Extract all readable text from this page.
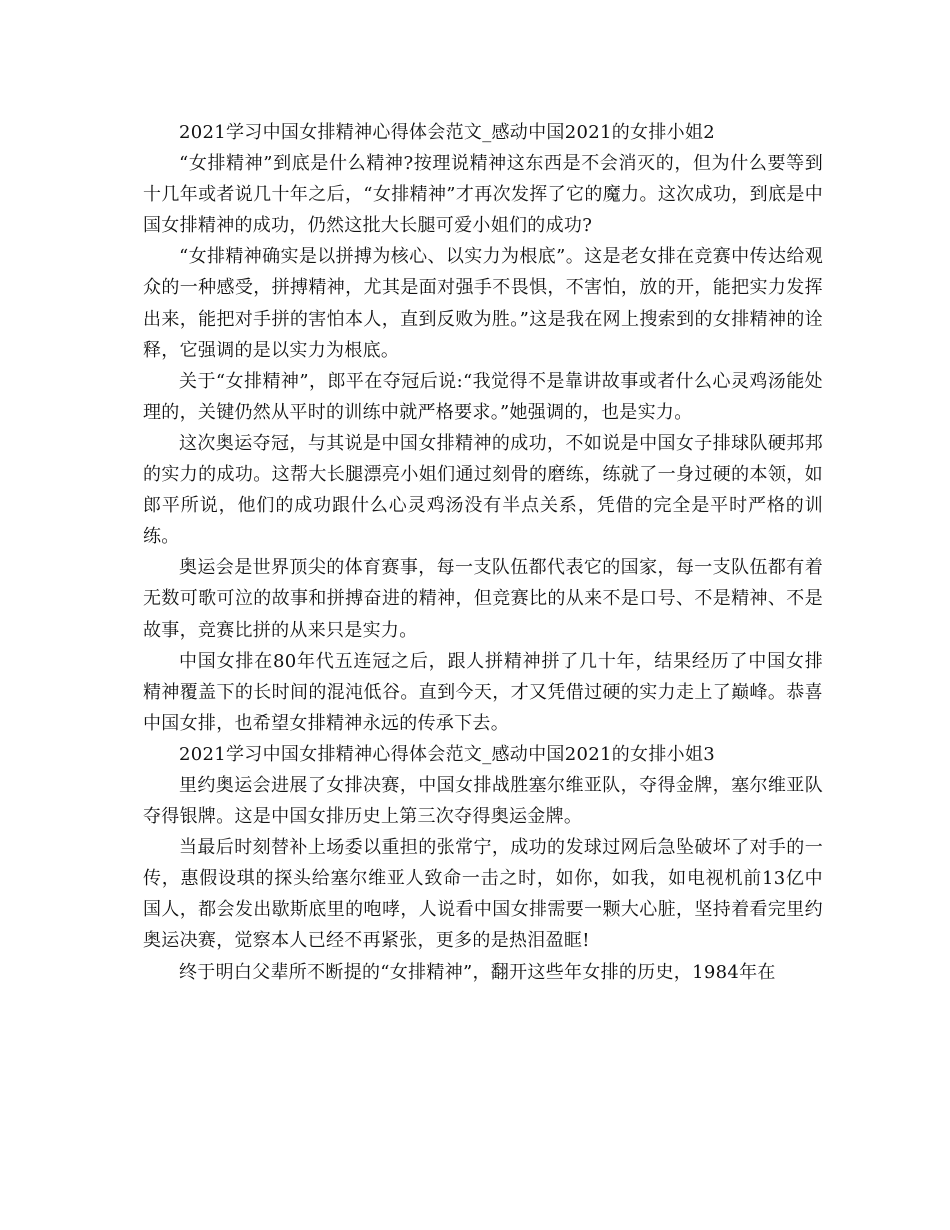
2021学习中国女排精神心得体会范文_感动中国2021的女排小姐2

“女排精神”到底是什么精神?按理说精神这东西是不会消灭的，但为什么要等到十几年或者说几十年之后，“女排精神”才再次发挥了它的魔力。这次成功，到底是中国女排精神的成功，仍然这批大长腿可爱小姐们的成功?

“女排精神确实是以拼搏为核心、以实力为根底”。这是老女排在竞赛中传达给观众的一种感受，拼搏精神，尤其是面对强手不畏惧，不害怕，放的开，能把实力发挥出来，能把对手拼的害怕本人，直到反败为胜。”这是我在网上搜索到的女排精神的诠释，它强调的是以实力为根底。

关于“女排精神”，郎平在夺冠后说:“我觉得不是靠讲故事或者什么心灵鸡汤能处理的，关键仍然从平时的训练中就严格要求。”她强调的，也是实力。

这次奥运夺冠，与其说是中国女排精神的成功，不如说是中国女子排球队硬邦邦的实力的成功。这帮大长腿漂亮小姐们通过刻骨的磨练，练就了一身过硬的本领，如郎平所说，他们的成功跟什么心灵鸡汤没有半点关系，凭借的完全是平时严格的训练。

奥运会是世界顶尖的体育赛事，每一支队伍都代表它的国家，每一支队伍都有着无数可歌可泣的故事和拼搏奋进的精神，但竞赛比的从来不是口号、不是精神、不是故事，竞赛比拼的从来只是实力。

中国女排在80年代五连冠之后，跟人拼精神拼了几十年，结果经历了中国女排精神覆盖下的长时间的混沌低谷。直到今天，才又凭借过硬的实力走上了巅峰。恭喜中国女排，也希望女排精神永远的传承下去。

2021学习中国女排精神心得体会范文_感动中国2021的女排小姐3

里约奥运会进展了女排决赛，中国女排战胜塞尔维亚队，夺得金牌，塞尔维亚队夺得银牌。这是中国女排历史上第三次夺得奥运金牌。

当最后时刻替补上场委以重担的张常宁，成功的发球过网后急坠破坏了对手的一传，惠假设琪的探头给塞尔维亚人致命一击之时，如你，如我，如电视机前13亿中国人，都会发出歇斯底里的咆哮，人说看中国女排需要一颗大心脏，坚持着看完里约奥运决赛，觉察本人已经不再紧张，更多的是热泪盈眶!

终于明白父辈所不断提的“女排精神”，翻开这些年女排的历史，1984年在
